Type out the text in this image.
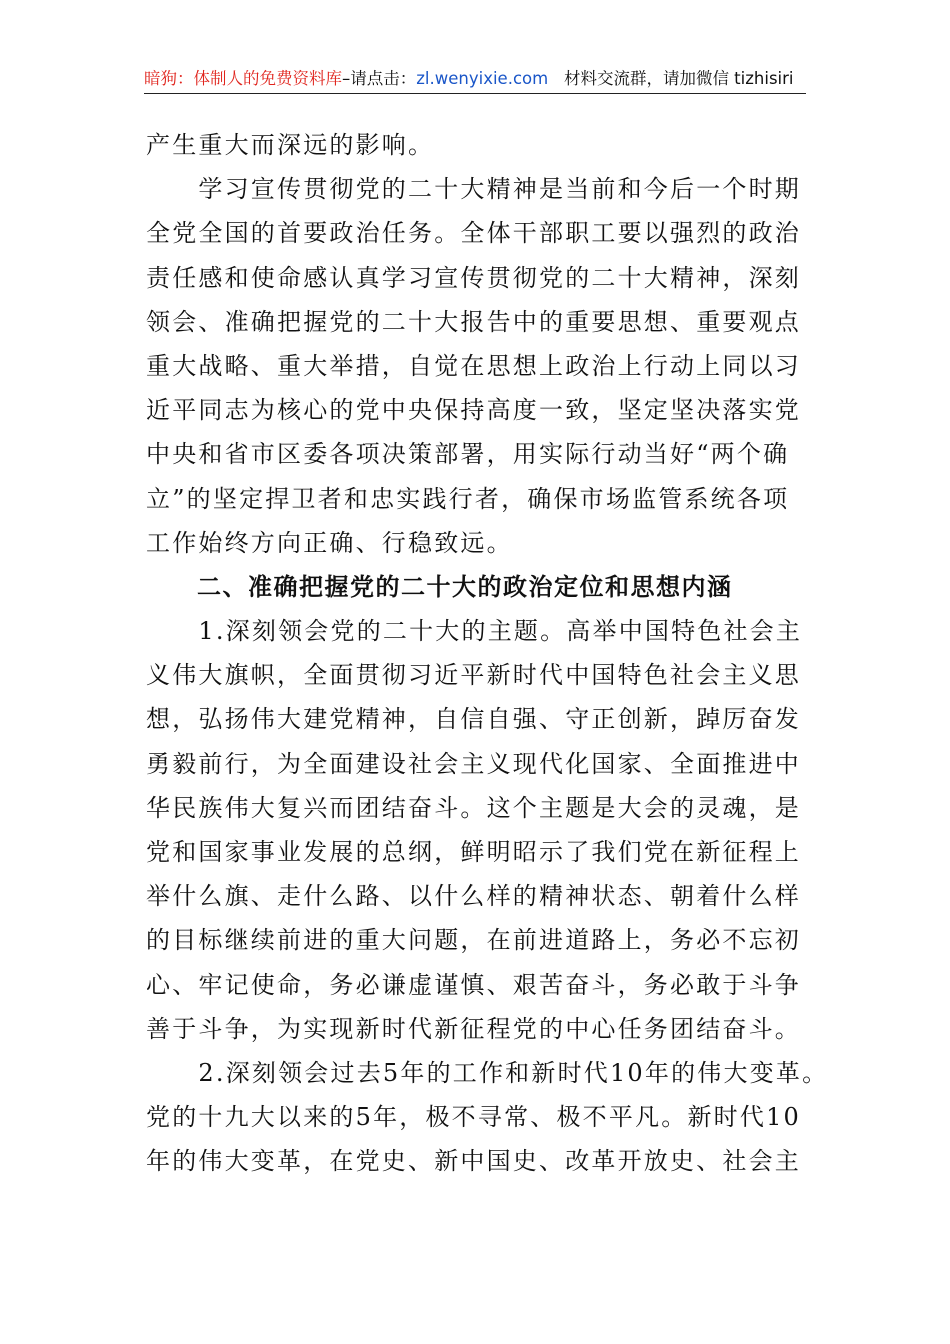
暗狗：体制人的免费资料库–请点击：zl.wenyixie.com 材料交流群，请加微信 tizhisiri
产生重大而深远的影响。
　　学习宣传贯彻党的二十大精神是当前和今后一个时期
全党全国的首要政治任务。全体干部职工要以强烈的政治
责任感和使命感认真学习宣传贯彻党的二十大精神，深刻
领会、准确把握党的二十大报告中的重要思想、重要观点
重大战略、重大举措，自觉在思想上政治上行动上同以习
近平同志为核心的党中央保持高度一致，坚定坚决落实党
中央和省市区委各项决策部署，用实际行动当好“两个确
立”的坚定捍卫者和忠实践行者，确保市场监管系统各项
工作始终方向正确、行稳致远。
　　二、准确把握党的二十大的政治定位和思想内涵
　　1.深刻领会党的二十大的主题。高举中国特色社会主
义伟大旗帜，全面贯彻习近平新时代中国特色社会主义思
想，弘扬伟大建党精神，自信自强、守正创新，踔厉奋发
勇毅前行，为全面建设社会主义现代化国家、全面推进中
华民族伟大复兴而团结奋斗。这个主题是大会的灵魂，是
党和国家事业发展的总纲，鲜明昭示了我们党在新征程上
举什么旗、走什么路、以什么样的精神状态、朝着什么样
的目标继续前进的重大问题，在前进道路上，务必不忘初
心、牢记使命，务必谦虚谨慎、艰苦奋斗，务必敢于斗争
善于斗争，为实现新时代新征程党的中心任务团结奋斗。
　　2.深刻领会过去5年的工作和新时代10年的伟大变革。
党的十九大以来的5年，极不寻常、极不平凡。新时代10
年的伟大变革，在党史、新中国史、改革开放史、社会主
